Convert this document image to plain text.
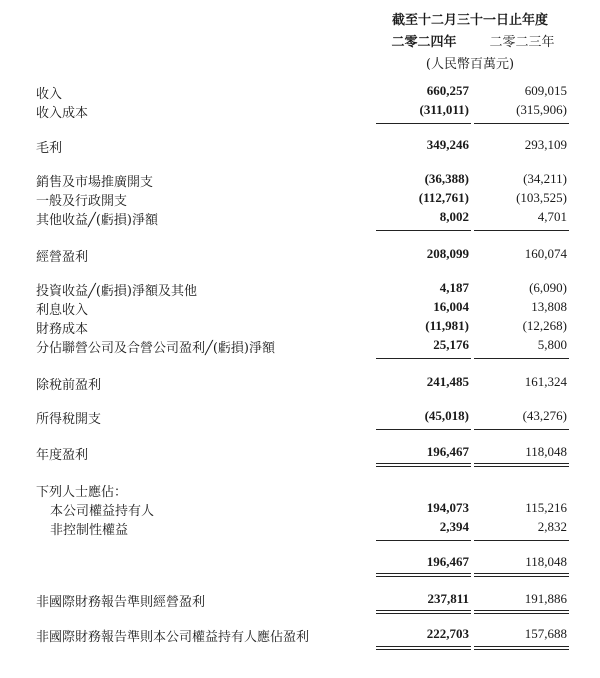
截至十二月三十一日止年度
二零二四年	二零二三年
(人民幣百萬元)
收入	660,257	609,015
收入成本	(311,011)	(315,906)
毛利	349,246	293,109
銷售及市場推廣開支	(36,388)	(34,211)
一般及行政開支	(112,761)	(103,525)
其他收益╱(虧損)淨額	8,002	4,701
經營盈利	208,099	160,074
投資收益╱(虧損)淨額及其他	4,187	(6,090)
利息收入	16,004	13,808
財務成本	(11,981)	(12,268)
分佔聯營公司及合營公司盈利╱(虧損)淨額	25,176	5,800
除稅前盈利	241,485	161,324
所得稅開支	(45,018)	(43,276)
年度盈利	196,467	118,048
下列人士應佔：
本公司權益持有人	194,073	115,216
非控制性權益	2,394	2,832
196,467	118,048
非國際財務報告準則經營盈利	237,811	191,886
非國際財務報告準則本公司權益持有人應佔盈利	222,703	157,688
